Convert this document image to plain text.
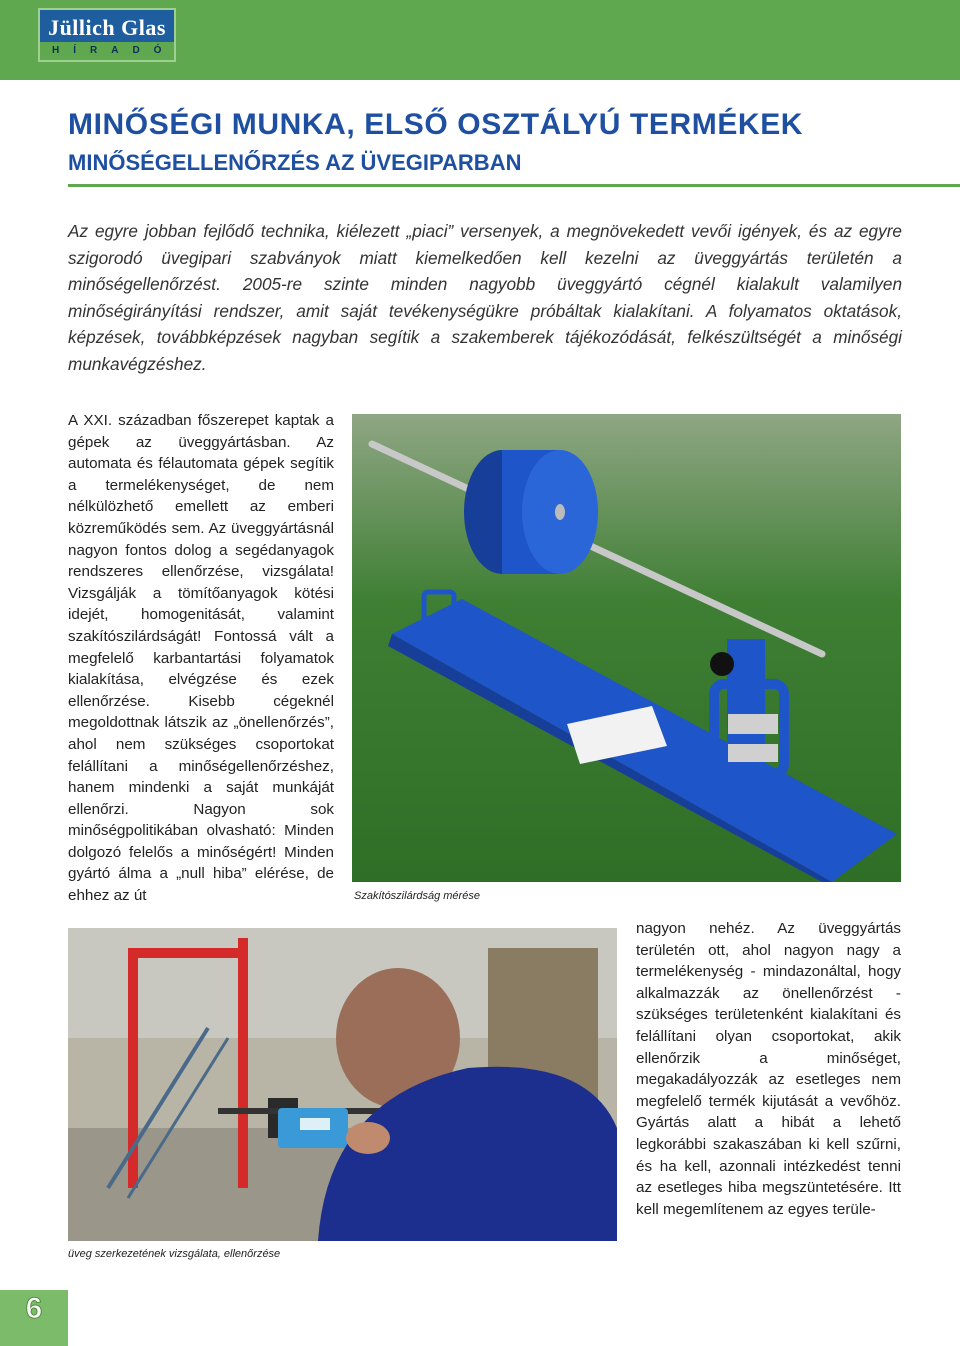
Jüllich Glas
HÍRADÓ
MINŐSÉGI MUNKA, ELSŐ OSZTÁLYÚ TERMÉKEK
MINŐSÉGELLENŐRZÉS AZ ÜVEGIPARBAN

Az egyre jobban fejlődő technika, kiélezett „piaci” versenyek, a megnövekedett vevői igények, és az egyre szigorodó üvegipari szabványok miatt kiemelkedően kell kezelni az üveggyártás területén a minőségellenőrzést. 2005-re szinte minden nagyobb üveggyártó cégnél kialakult valamilyen minőségirányítási rendszer, amit saját tevékenységükre próbáltak kialakítani. A folyamatos oktatások, képzések, továbbképzések nagyban segítik a szakemberek tájékozódását, felkészültségét a minőségi munkavégzéshez.

A XXI. században főszerepet kaptak a gépek az üveggyártásban. Az automata és félautomata gépek segítik a termelékenységet, de nem nélkülözhető emellett az emberi közreműködés sem. Az üveggyártásnál nagyon fontos dolog a segédanyagok rendszeres ellenőrzése, vizsgálata! Vizsgálják a tömítőanyagok kötési idejét, homogenitását, valamint szakítószilárdságát! Fontossá vált a megfelelő karbantartási folyamatok kialakítása, elvégzése és ezek ellenőrzése. Kisebb cégeknél megoldottnak látszik az „önellenőrzés”, ahol nem szükséges csoportokat felállítani a minőségellenőrzéshez, hanem mindenki a saját munkáját ellenőrzi. Nagyon sok minőségpolitikában olvasható: Minden dolgozó felelős a minőségért! Minden gyártó álma a „null hiba” elérése, de ehhez az út	Szakítószilárdság mérése
üveg szerkezetének vizsgálata, ellenőrzése

nagyon nehéz. Az üveggyártás területén ott, ahol nagyon nagy a termelékenység - mindazonáltal, hogy alkalmazzák az önellenőrzést - szükséges területenként kialakítani és felállítani olyan csoportokat, akik ellenőrzik a minőséget, megakadályozzák az esetleges nem megfelelő termék kijutását a vevőhöz. Gyártás alatt a hibát a lehető legkorábbi szakaszában ki kell szűrni, és ha kell, azonnali intézkedést tenni az esetleges hiba megszüntetésére. Itt kell megemlítenem az egyes terüle-

6
